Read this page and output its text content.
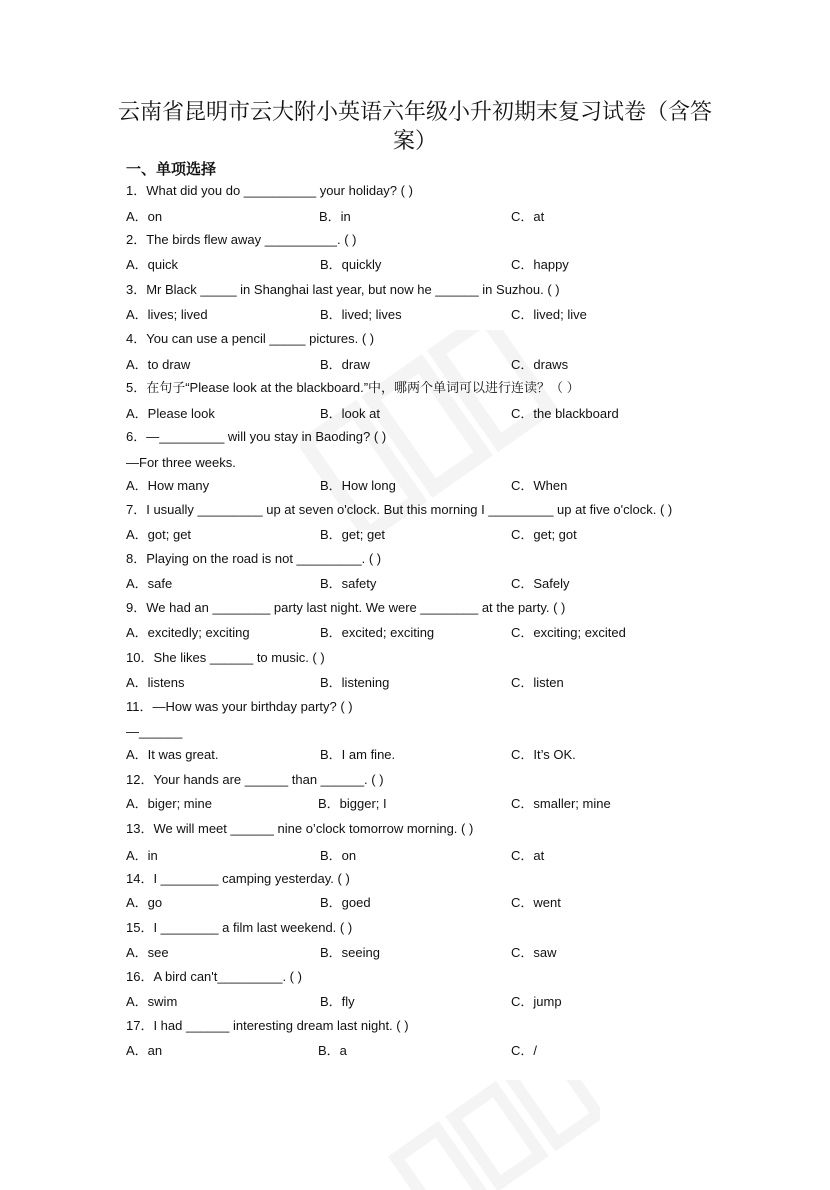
云南省昆明市云大附小英语六年级小升初期末复习试卷（含答
案）
一、单项选择
1．What did you do __________ your holiday? ( )
A．on	B．in	C．at
2．The birds flew away __________. ( )
A．quick	B．quickly	C．happy
3．Mr Black _____ in Shanghai last year, but now he ______ in Suzhou. ( )
A．lives; lived	B．lived; lives	C．lived; live
4．You can use a pencil _____ pictures. ( )
A．to draw	B．draw	C．draws
5．在句子“Please look at the blackboard.”中，哪两个单词可以进行连读？（ ）
A．Please look	B．look at	C．the blackboard
6．—_________ will you stay in Baoding? ( )
—For three weeks.
A．How many	B．How long	C．When
7．I usually _________ up at seven o'clock. But this morning I _________ up at five o'clock. ( )
A．got; get	B．get; get	C．get; got
8．Playing on the road is not _________. ( )
A．safe	B．safety	C．Safely
9．We had an ________ party last night. We were ________ at the party. ( )
A．excitedly; exciting	B．excited; exciting	C．exciting; excited
10．She likes ______ to music. ( )
A．listens	B．listening	C．listen
11．—How was your birthday party? ( )
—______
A．It was great.	B．I am fine.	C．It’s OK.
12．Your hands are ______ than ______. ( )
A．biger; mine	B．bigger; I	C．smaller; mine
13．We will meet ______ nine o’clock tomorrow morning. ( )
A．in	B．on	C．at
14．I ________ camping yesterday. ( )
A．go	B．goed	C．went
15．I ________ a film last weekend. ( )
A．see	B．seeing	C．saw
16．A bird can't_________. ( )
A．swim	B．fly	C．jump
17．I had ______ interesting dream last night. ( )
A．an	B．a	C．/
